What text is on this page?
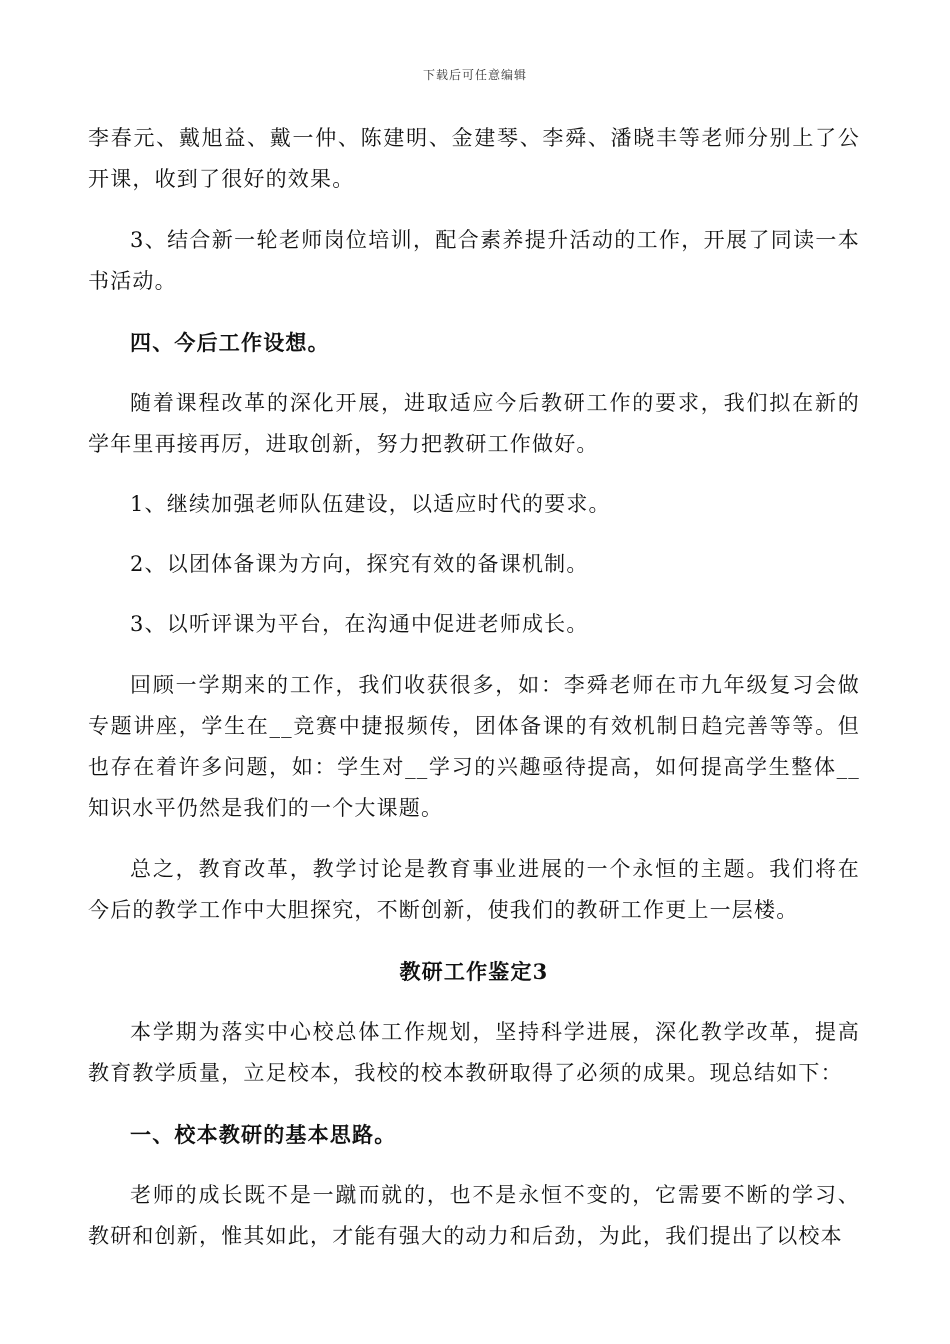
下载后可任意编辑

李春元、戴旭益、戴一仲、陈建明、金建琴、李舜、潘晓丰等老师分别上了公开课，收到了很好的效果。

3、结合新一轮老师岗位培训，配合素养提升活动的工作，开展了同读一本书活动。

四、今后工作设想。

随着课程改革的深化开展，进取适应今后教研工作的要求，我们拟在新的学年里再接再厉，进取创新，努力把教研工作做好。

1、继续加强老师队伍建设，以适应时代的要求。

2、以团体备课为方向，探究有效的备课机制。

3、以听评课为平台，在沟通中促进老师成长。

回顾一学期来的工作，我们收获很多，如：李舜老师在市九年级复习会做专题讲座，学生在__竞赛中捷报频传，团体备课的有效机制日趋完善等等。但也存在着许多问题，如：学生对__学习的兴趣亟待提高，如何提高学生整体__知识水平仍然是我们的一个大课题。

总之，教育改革，教学讨论是教育事业进展的一个永恒的主题。我们将在今后的教学工作中大胆探究，不断创新，使我们的教研工作更上一层楼。

教研工作鉴定3

本学期为落实中心校总体工作规划，坚持科学进展，深化教学改革，提高教育教学质量，立足校本，我校的校本教研取得了必须的成果。现总结如下：

一、校本教研的基本思路。

老师的成长既不是一蹴而就的，也不是永恒不变的，它需要不断的学习、教研和创新，惟其如此，才能有强大的动力和后劲，为此，我们提出了以校本
